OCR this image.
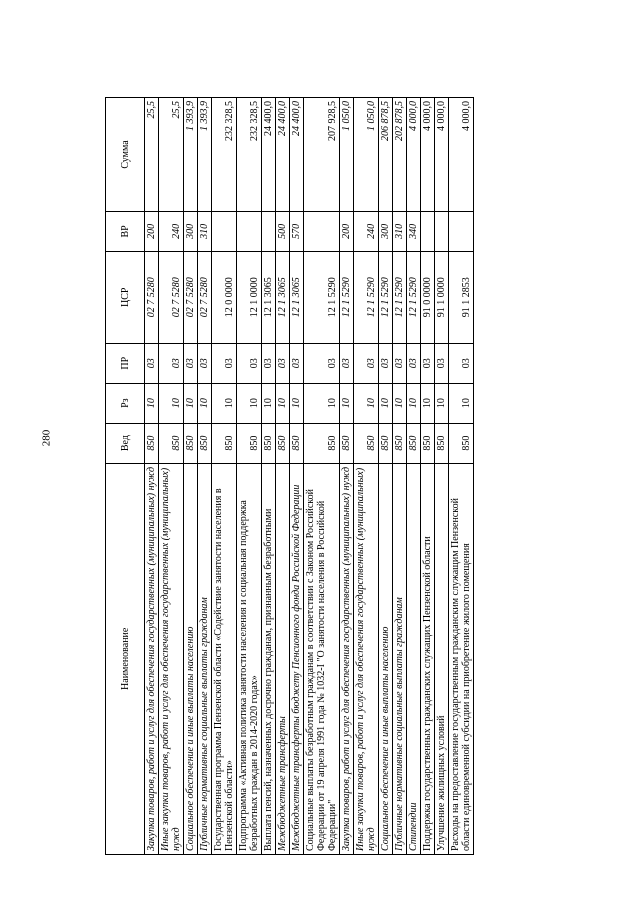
280
Наименование	Вед	Рз	ПР	ЦСР	ВР	Сумма
Закупка товаров, работ и услуг для обеспечения государственных (муниципальных) нужд	850	10	03	02 7 5280	200	25,5
Иные закупки товаров, работ и услуг для обеспечения государственных (муниципальных) нужд	850	10	03	02 7 5280	240	25,5
Социальное обеспечение и иные выплаты населению	850	10	03	02 7 5280	300	1 393,9
Публичные нормативные социальные выплаты гражданам	850	10	03	02 7 5280	310	1 393,9
Государственная программа Пензенской области «Содействие занятости населения в Пензенской области»	850	10	03	12 0 0000		232 328,5
Подпрограмма «Активная политика занятости населения и социальная поддержка безработных граждан в 2014-2020 годах»	850	10	03	12 1 0000		232 328,5
Выплата пенсий, назначенных досрочно гражданам, признанным безработными	850	10	03	12 1 3065		24 400,0
Межбюджетные трансферты	850	10	03	12 1 3065	500	24 400,0
Межбюджетные трансферты бюджету Пенсионного фонда Российской Федерации	850	10	03	12 1 3065	570	24 400,0
Социальные выплаты безработным гражданам в соответствии с Законом Российской Федерации от 19 апреля 1991 года № 1032-I "О занятости населения в Российской Федерации"	850	10	03	12 1 5290		207 928,5
Закупка товаров, работ и услуг для обеспечения государственных (муниципальных) нужд	850	10	03	12 1 5290	200	1 050,0
Иные закупки товаров, работ и услуг для обеспечения государственных (муниципальных) нужд	850	10	03	12 1 5290	240	1 050,0
Социальное обеспечение и иные выплаты населению	850	10	03	12 1 5290	300	206 878,5
Публичные нормативные социальные выплаты гражданам	850	10	03	12 1 5290	310	202 878,5
Стипендии	850	10	03	12 1 5290	340	4 000,0
Поддержка государственных гражданских служащих Пензенской области	850	10	03	91 0 0000		4 000,0
Улучшение жилищных условий	850	10	03	91 1 0000		4 000,0
Расходы на предоставление государственным гражданским служащим Пензенской области единовременной субсидии на приобретение жилого помещения	850	10	03	91 1 2853		4 000,0
